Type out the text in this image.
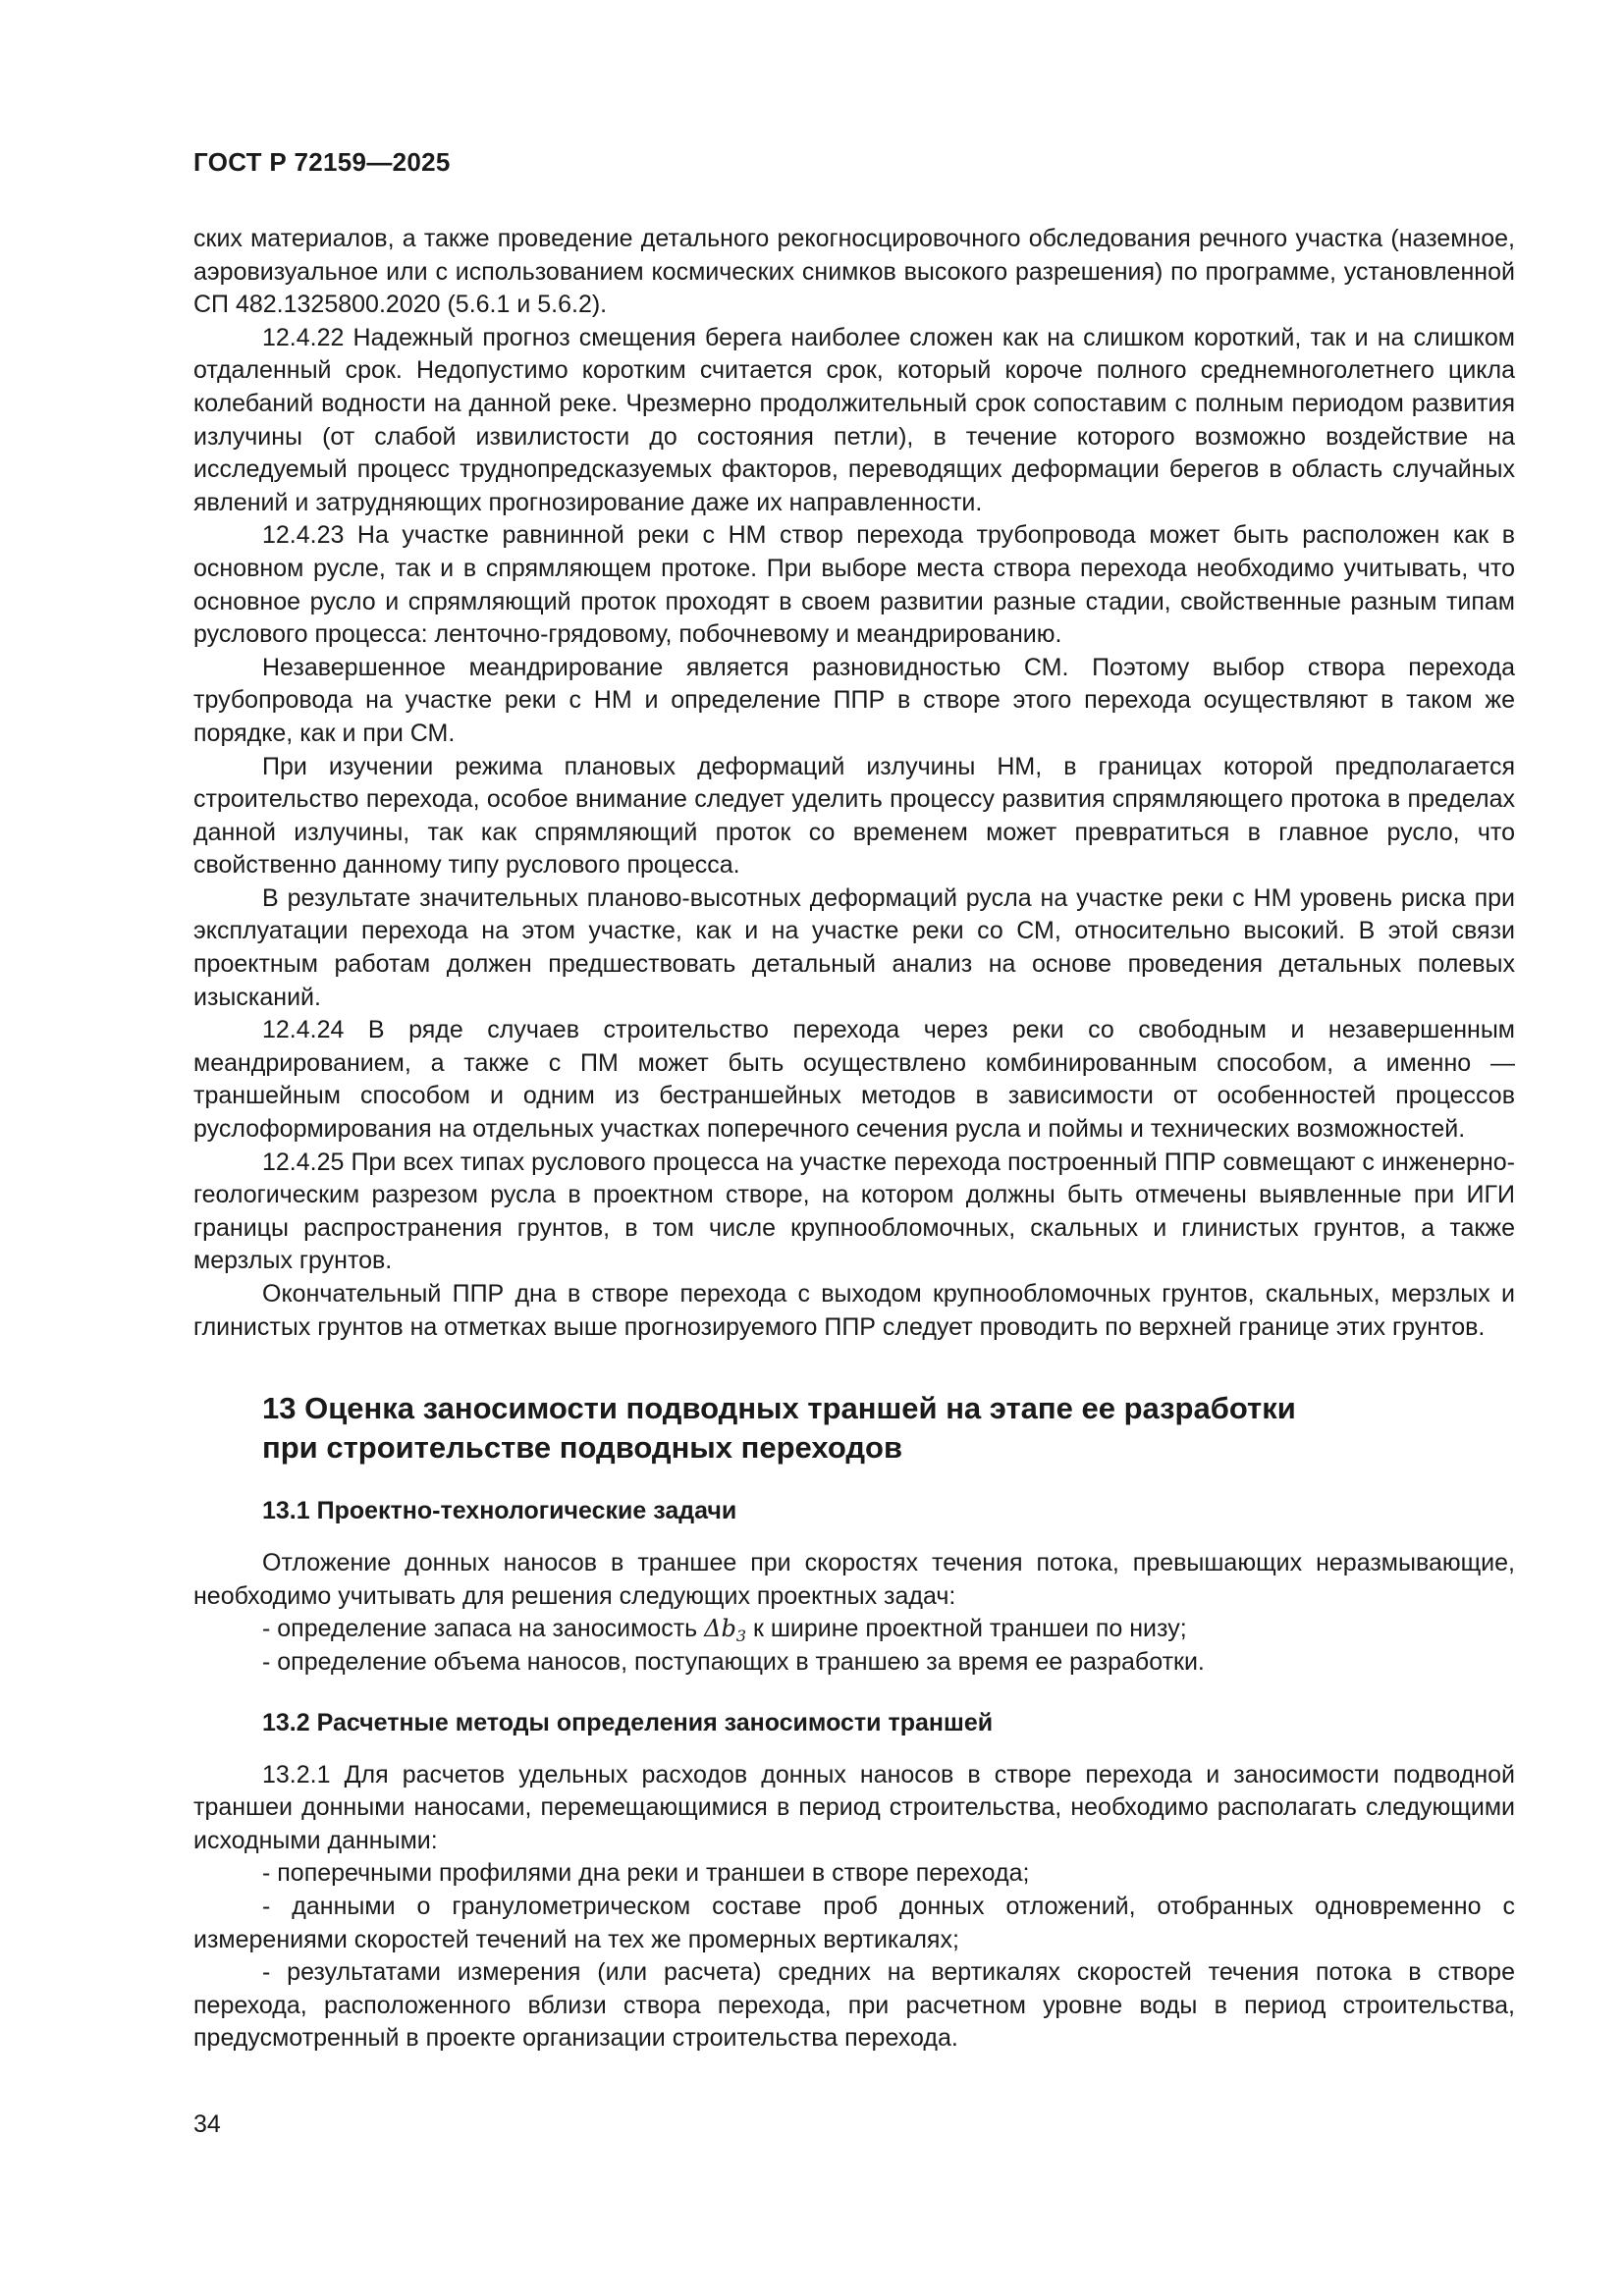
ГОСТ Р 72159—2025

ских материалов, а также проведение детального рекогносцировочного обследования речного участка (наземное, аэровизуальное или с использованием космических снимков высокого разрешения) по программе, установленной СП 482.1325800.2020 (5.6.1 и 5.6.2).

12.4.22 Надежный прогноз смещения берега наиболее сложен как на слишком короткий, так и на слишком отдаленный срок. Недопустимо коротким считается срок, который короче полного среднемноголетнего цикла колебаний водности на данной реке. Чрезмерно продолжительный срок сопоставим с полным периодом развития излучины (от слабой извилистости до состояния петли), в течение которого возможно воздействие на исследуемый процесс труднопредсказуемых факторов, переводящих деформации берегов в область случайных явлений и затрудняющих прогнозирование даже их направленности.

12.4.23 На участке равнинной реки с НМ створ перехода трубопровода может быть расположен как в основном русле, так и в спрямляющем протоке. При выборе места створа перехода необходимо учитывать, что основное русло и спрямляющий проток проходят в своем развитии разные стадии, свойственные разным типам руслового процесса: ленточно-грядовому, побочневому и меандрированию.

Незавершенное меандрирование является разновидностью СМ. Поэтому выбор створа перехода трубопровода на участке реки с НМ и определение ППР в створе этого перехода осуществляют в таком же порядке, как и при СМ.

При изучении режима плановых деформаций излучины НМ, в границах которой предполагается строительство перехода, особое внимание следует уделить процессу развития спрямляющего протока в пределах данной излучины, так как спрямляющий проток со временем может превратиться в главное русло, что свойственно данному типу руслового процесса.

В результате значительных планово-высотных деформаций русла на участке реки с НМ уровень риска при эксплуатации перехода на этом участке, как и на участке реки со СМ, относительно высокий. В этой связи проектным работам должен предшествовать детальный анализ на основе проведения детальных полевых изысканий.

12.4.24 В ряде случаев строительство перехода через реки со свободным и незавершенным меандрированием, а также с ПМ может быть осуществлено комбинированным способом, а именно — траншейным способом и одним из бестраншейных методов в зависимости от особенностей процессов руслоформирования на отдельных участках поперечного сечения русла и поймы и технических возможностей.

12.4.25 При всех типах руслового процесса на участке перехода построенный ППР совмещают с инженерно-геологическим разрезом русла в проектном створе, на котором должны быть отмечены выявленные при ИГИ границы распространения грунтов, в том числе крупнообломочных, скальных и глинистых грунтов, а также мерзлых грунтов.

Окончательный ППР дна в створе перехода с выходом крупнообломочных грунтов, скальных, мерзлых и глинистых грунтов на отметках выше прогнозируемого ППР следует проводить по верхней границе этих грунтов.

13 Оценка заносимости подводных траншей на этапе ее разработки
при строительстве подводных переходов
13.1 Проектно-технологические задачи

Отложение донных наносов в траншее при скоростях течения потока, превышающих неразмывающие, необходимо учитывать для решения следующих проектных задач:

- определение запаса на заносимость $\Delta b_3$ к ширине проектной траншеи по низу;

- определение объема наносов, поступающих в траншею за время ее разработки.

13.2 Расчетные методы определения заносимости траншей

13.2.1 Для расчетов удельных расходов донных наносов в створе перехода и заносимости подводной траншеи донными наносами, перемещающимися в период строительства, необходимо располагать следующими исходными данными:

- поперечными профилями дна реки и траншеи в створе перехода;

- данными о гранулометрическом составе проб донных отложений, отобранных одновременно с измерениями скоростей течений на тех же промерных вертикалях;

- результатами измерения (или расчета) средних на вертикалях скоростей течения потока в створе перехода, расположенного вблизи створа перехода, при расчетном уровне воды в период строительства, предусмотренный в проекте организации строительства перехода.

34
